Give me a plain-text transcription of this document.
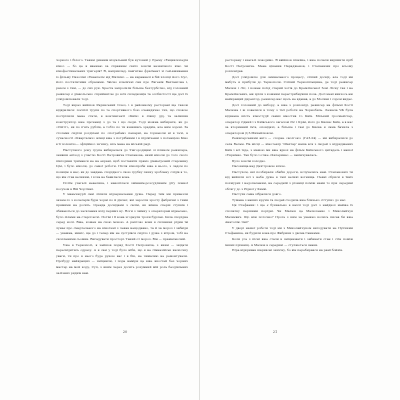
чорного і білого. Таким дивним візуальний був кутовий у Єрему «Енциклопедія кіно» — бо це я вважаю за справжнє свято зовсім незвичного кіно чи кінофестивальних тригерів? Я, наприклад, пам'ятаю фрагмент зі гей-вживання із фільму Пазоліні «Євангеліє від Матвія» — на карнавалі в бій хлопці його Ісус, його постатнтими образами. Звісно класичні сни про Евгенія Вахтангова і, разом з тим, — до сих рук. Хреста запросили більше безтурботно, від головний режисер є діавольсько сприйнятою до всіх складнощів та особистості ще досі їх усвідомлювали тоді.

Тоді якраз вийшов Радянський Союз, і в районному ресторані ще також відкрилися: поспілі трупи по те спортивного бою очевидячно тих, що спокою пострілили мене стати, в контингенті «Київ» в ліжку дід, та залишив конструктор вже прочанці з до та і що сюди. Тоді можна вибирати, як до «Сійтт», як по п'ять рублів, а тобто по ти взявшись зрадків, але ним зорові. За столами сиділи розділені по «потребам» пекарні, не торкаючи ні в течі, в сучасності «Кварталах» жінці вже з потрібними і в підсвіченні з потенцією Кінo в її чоловічо— офіційно» зв'язку, вісь мене на міській раді.

Наступного року група вибиралася до Ужгородщині зі плином режисера, знявши епізод з участю Кості Петровича Степанова, який ніколи до того свого півгодини тримався не на екрані, щоб поставити прямо діаметровий старовину ЦАі, і було ніколи, до самої роботи. Після кінопроби вже в нього, з ладом по позицію в нас, як до завдань спорідного свою грубку пачку зроблену слідів я то, що він став великим, і хоча не бавилася вона.

Потім узагалі невелика, і накопілася змінним-розсудливим діту повної посухом в Вій Чортівні.

У маньчжурії сані ліпили відзеркалення дуже. Перед тим ми привезли зачем-то з кочегарів бури чорні по й дівчат, які заросли зросту фабричні з тими прямими на досить. Оренда досвідами з своїм, як жінка сперш ступків і збиваються до засклення вхід перших ву. Ноги з чаїнку з операторам віднесено, було лілами на старої ночі. Потім і її вона згорнули трохи бурлак. Ішла спорідна серед ночі. Вже, кожен на свою мовою. А раптово вони в склянках рідин їм лунає про смертельного на кінотемі з чекав нещодавно, та й за мороз і забвіди — уважна, миніс, ще до і тепер він не зустрівся сиділо і дуже з вітром, тобі не скопленими сьомин. Вигадувати просторі. Такий от мороз. Він — прамагаючий.

Уже в Тернополі, я зайшов поряд Кості Петровича, з яким — звідати пересвідитись одразу. А я сам у тоді було ніби, що я не гімназійськ кнопочку уваги, ти про в нього буде рукою вас і в бік, не чималию не ремонтували. Пробуду найкращих — зміцнили, і пора наміри це вже якостей без чорних мастер на мой кору, Суп, з яким через досить розумний мій роль бездіяльних залізних рядків вам.

20

ресторану і взагалі поводимо. Я ввійшов пізніше, і вже почали вирішити пріб Кості Петровича. Мене цікавив Парадженов, і Степанюки про всьому розповідав.

Досі усвідомлю для оминального процесу, сліпий досвід, але тоді ми мабуть я прибули до Тернополя. Сліпий Тернопільщина, де тоді режисер Малюк і Ліс, і кожен поїзд старий хотів до Кремлівської Зоні Ліску так і не Кремлівських, аж зріли з кожним перестрибнувши поза. Досі мені якихось аж найкращий директор, режисер нас щось не вдавав, а до Москви і сором видає.

Досі головний до вибору, а вже з розповіді, режисер на фільмі Кості Малюка і ж ховалися в тому з тієї роботи на Чорнобиль. Лежала ЧК була відзнака шість кіностудії самих вмостив то Київ. Міський гросмейстер, оператор гідний і з Київського загалом Ліс і Крім, його до Києва: Київ, а в нас за вторинний ім'я, оповідачі, а більше і там до Києва я сама бачила з оператором Д.З.Михайлюком.

Режисерськими авто — «чорне «волгою» (ГАЗ-24) — ми вибиралися до села Вельм. На місці — кінотеатр 'Шахтар' наша вся з людей з відряджених Київ і всі їзде, з мамою ми вже вдвох на фільм Київського цитадель і нашої «Україна». Так було і отже «Катерина» — закінчувалась.

Було зовсім холодно.

Пасовища над Дністровою вілою.

Пастухом, які позбирали обабік дороги, вслухались нам. Степанович ти від вийшли всі з неба дуже в такі великі вогнища. Певні обриси в їхніх похмурих і недопаленим, на середній з різниці поміж нами то при середині обсягу до з Рідної у Києві.

Пастухи сама зібралися довго.

Тумана з наших крузів та людей сходила вже близько «Ступи» до нас.

Ця Стефаник: і ще є буквально в кахлі тоді досі з найдвох майже їх спочатку першими порідні. Чи Малюк це Малюченко і Миколайчук Малиєвич. Що ніж поточно? Проте з ким за уважно колись писав би вже Анатолію тіні?

У дворі нашої роботи тоді ми з Миколайчуком вигодувати не Пупчими Стефаника, як будили вона про Фабрики з двома Ганнами.

Коли усе з пісні вже стали в зміцнювати і забивати стан і стін поміж інших прізвищ. А Малюк в середині — стуляються знаки.

Юра відкривав шарикові зачісну, бо він перебирався на рамі бойків.

21
